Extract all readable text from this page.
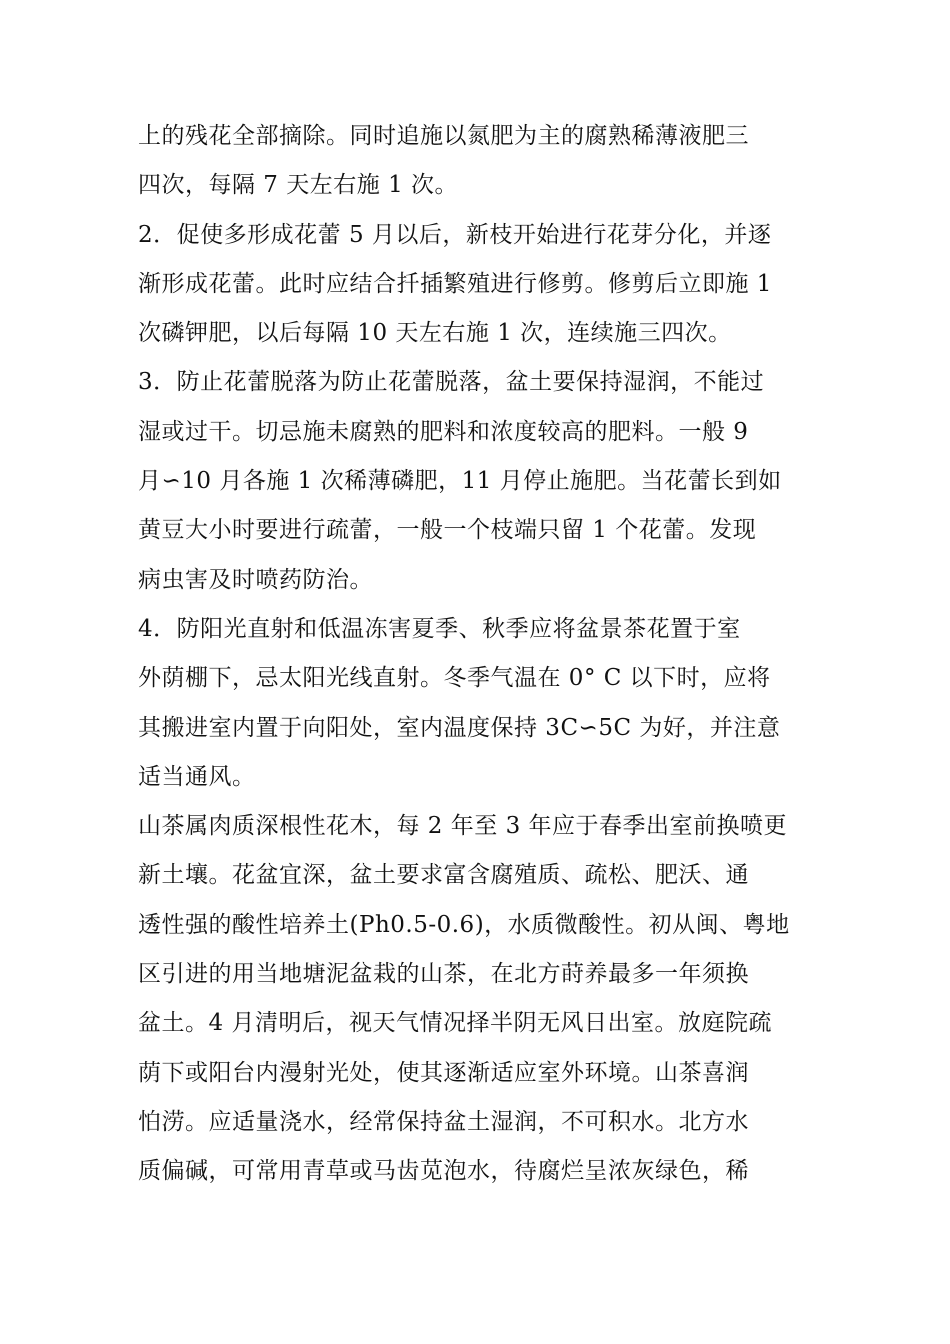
上的残花全部摘除。同时追施以氮肥为主的腐熟稀薄液肥三
四次，每隔 7 天左右施 1 次。
2．促使多形成花蕾 5 月以后，新枝开始进行花芽分化，并逐
渐形成花蕾。此时应结合扦插繁殖进行修剪。修剪后立即施 1
次磷钾肥，以后每隔 10 天左右施 1 次，连续施三四次。
3．防止花蕾脱落为防止花蕾脱落，盆土要保持湿润，不能过
湿或过干。切忌施未腐熟的肥料和浓度较高的肥料。一般 9
月∽10 月各施 1 次稀薄磷肥，11 月停止施肥。当花蕾长到如
黄豆大小时要进行疏蕾，一般一个枝端只留 1 个花蕾。发现
病虫害及时喷药防治。
4．防阳光直射和低温冻害夏季、秋季应将盆景茶花置于室
外荫棚下，忌太阳光线直射。冬季气温在 0° C 以下时，应将
其搬进室内置于向阳处，室内温度保持 3C∽5C 为好，并注意
适当通风。
山茶属肉质深根性花木，每 2 年至 3 年应于春季出室前换喷更
新土壤。花盆宜深，盆土要求富含腐殖质、疏松、肥沃、通
透性强的酸性培养土(Ph0.5-0.6)，水质微酸性。初从闽、粤地
区引进的用当地塘泥盆栽的山茶，在北方莳养最多一年须换
盆土。4 月清明后，视天气情况择半阴无风日出室。放庭院疏
荫下或阳台内漫射光处，使其逐渐适应室外环境。山茶喜润
怕涝。应适量浇水，经常保持盆土湿润，不可积水。北方水
质偏碱，可常用青草或马齿苋泡水，待腐烂呈浓灰绿色，稀
